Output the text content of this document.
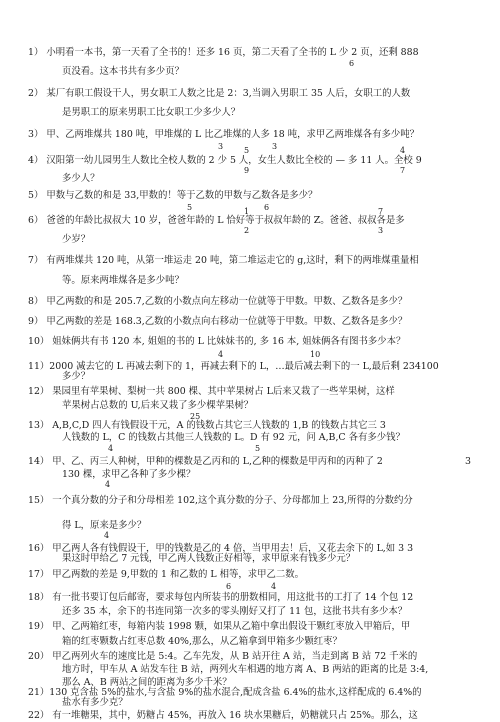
1） 小明看一本书，第一天看了全书的！还多 16 页，第二天看了全书的 L 少 2 页，还剩 888
6
页没看。这本书共有多少页？
2） 某厂有职工假设干人，男女职工人数之比是 2：3,当调入男职工 35 人后，女职工的人数
是男职工的原来男职工比女职工少多少人？
3） 甲、乙两堆煤共 180 吨，甲堆煤的 L 比乙堆煤的人多 18 吨，求甲乙两堆煤各有多少吨？
3	3
5	4
4） 汉阳第一幼儿园男生人数比全校人数的 2 少 5 人，女生人数比全校的 — 多 11 人。全校 9
9	7
多少人？
5） 甲数与乙数的和是 33,甲数的！等于乙数的甲数与乙数各是多少？
5	6
1	7
6） 爸爸的年龄比叔叔大 10 岁，爸爸年龄的 L 恰好等于叔叔年龄的 Z。爸爸、叔叔各是多
2	3
少岁？
7） 有两堆煤共 120 吨，从第一堆运走 20 吨，第二堆运走它的 g,这时，剩下的两堆煤重量相
等。原来两堆煤各是多少吨？
8） 甲乙两数的和是 205.7,乙数的小数点向左移动一位就等于甲数。甲数、乙数各是多少？
9） 甲乙两数的差是 168.3,乙数的小数点向右移动一位就等于甲数。甲数、乙数各是多少？
10） 姐妹俩共有书 120 本, 姐姐的书的 L 比妹妹书的, 多 16 本, 姐妹俩各有图书多少本？
4	10
11）2000 减去它的 L 再减去剩下的 1，再减去剩下的 L，…最后减去剩下的一 L,最后剩 234100
多少？
12） 果园里有苹果树、梨树一共 800 棵、其中苹果树占 L后来又栽了一些苹果树，这样
苹果树占总数的 U,后来又栽了多少棵苹果树？
25
13） A,B,C,D 四人有钱假设干元，A 的钱数占其它三人钱数的 1,B 的钱数占其它三 3
人钱数的 L，C 的钱数占其他三人钱数的 L。D 有 92 元，问 A,B,C 各有多少钱？
4	5
14） 甲、乙、丙三人种树，甲种的棵数是乙丙和的 L,乙种的棵数是甲丙和的丙种了 2	3
130 棵，求甲乙各种了多少棵？
4
15） 一个真分数的分子和分母相差 102,这个真分数的分子、分母都加上 23,所得的分数约分
得 L，原来是多少？
4
16） 甲乙两人各有钱假设干，甲的钱数是乙的 4 倍，当甲用去！后，又花去余下的 L,如 3 3
果这时甲给乙 7 元钱，甲乙两人钱数正好相等，求甲原来有钱多少元？
17） 甲乙两数的差是 9,甲数的 1 和乙数的 L 相等，求甲乙二数。
6	4
18） 有一批书要订包后邮寄，要求每包内所装书的册数相同，用这批书的工打了 14 个包 12
还多 35 本，余下的书连同第一次多的零头刚好又打了 11 包，这批书共有多少本？
19） 甲、乙两箱红枣，每箱内装 1998 颗，如果从乙箱中拿出假设干颗红枣放入甲箱后，甲
箱的红枣颗数占红枣总数 40%,那么，从乙箱拿到甲箱多少颗红枣？
20） 甲乙两列火车的速度比是 5:4。乙车先发，从 B 站开往 A 站，当走到离 B 站 72 千米的
地方时，甲车从 A 站发车往 B 站，两列火车相遇的地方离 A、B 两站的距离的比是 3:4,
那么 A、B 两站之间的距离为多少千米？
21）130 克含盐 5%的盐水,与含盐 9%的盐水混合,配成含盐 6.4%的盐水,这样配成的 6.4%的
盐水有多少克？
22） 有一堆糖果，其中，奶糖占 45%，再放入 16 块水果糖后，奶糖就只占 25%。那么，这
